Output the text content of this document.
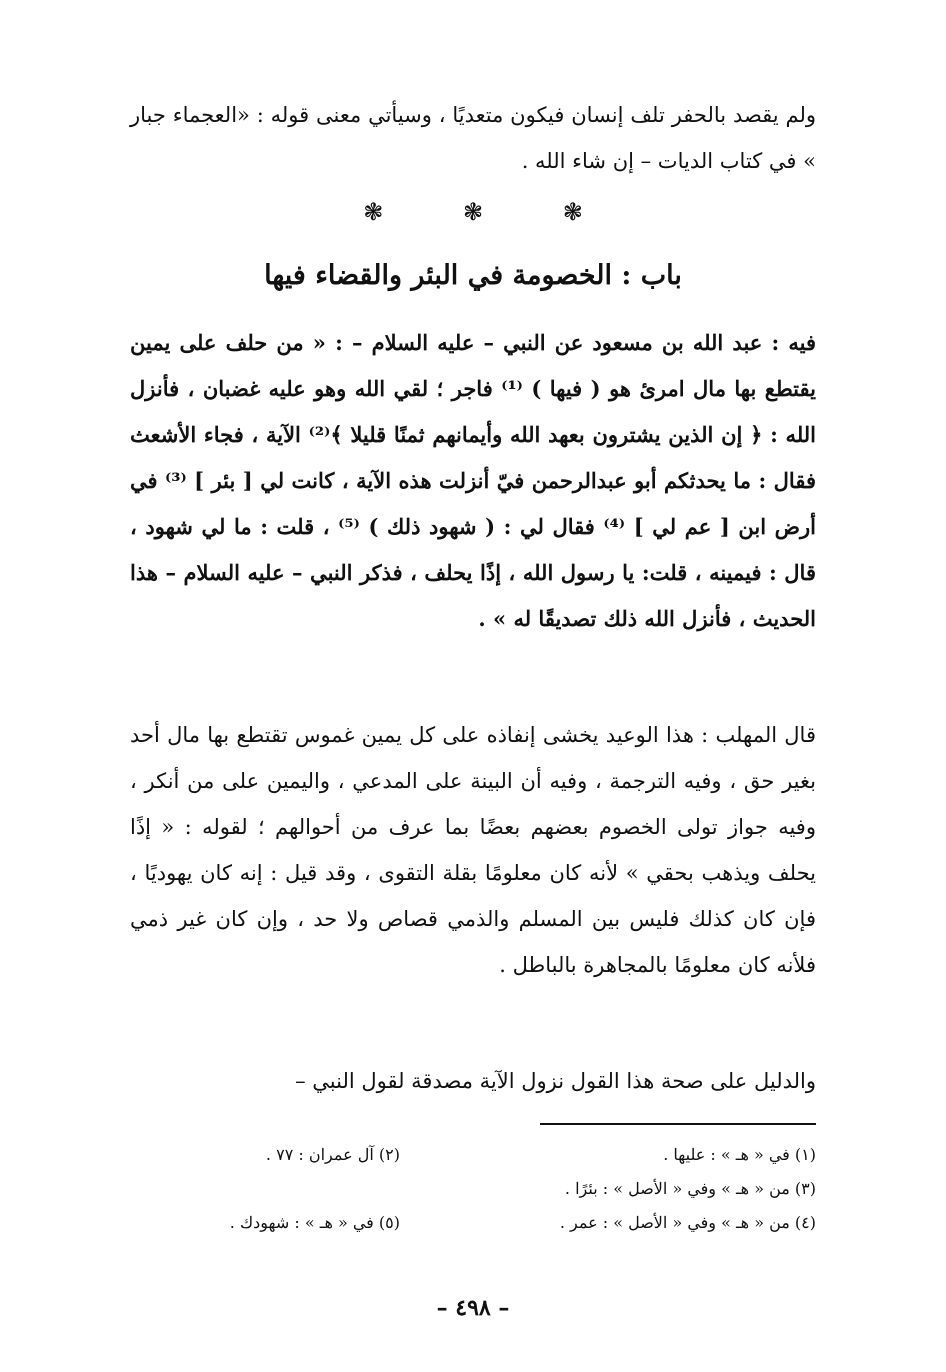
ولم يقصد بالحفر تلف إنسان فيكون متعديًا ، وسيأتي معنى قوله : «العجماء جبار » في كتاب الديات – إن شاء الله .

❃	❃	❃
باب : الخصومة في البئر والقضاء فيها

فيه : عبد الله بن مسعود عن النبي – عليه السلام – : « من حلف على يمين يقتطع بها مال امرئ هو ( فيها ) ⁽¹⁾ فاجر ؛ لقي الله وهو عليه غضبان ، فأنزل الله : ﴿ إن الذين يشترون بعهد الله وأيمانهم ثمنًا قليلا ﴾⁽²⁾ الآية ، فجاء الأشعث فقال : ما يحدثكم أبو عبدالرحمن فيّ أنزلت هذه الآية ، كانت لي [ بئر ] ⁽³⁾ في أرض ابن [ عم لي ] ⁽⁴⁾ فقال لي : ( شهود ذلك ) ⁽⁵⁾ ، قلت : ما لي شهود ، قال : فيمينه ، قلت: يا رسول الله ، إذًا يحلف ، فذكر النبي – عليه السلام – هذا الحديث ، فأنزل الله ذلك تصديقًا له » .

قال المهلب : هذا الوعيد يخشى إنفاذه على كل يمين غموس تقتطع بها مال أحد بغير حق ، وفيه الترجمة ، وفيه أن البينة على المدعي ، واليمين على من أنكر ، وفيه جواز تولى الخصوم بعضهم بعضًا بما عرف من أحوالهم ؛ لقوله : « إذًا يحلف ويذهب بحقي » لأنه كان معلومًا بقلة التقوى ، وقد قيل : إنه كان يهوديًا ، فإن كان كذلك فليس بين المسلم والذمي قصاص ولا حد ، وإن كان غير ذمي فلأنه كان معلومًا بالمجاهرة بالباطل .

والدليل على صحة هذا القول نزول الآية مصدقة لقول النبي –

(١) في « هـ » : عليها .
(٢) آل عمران : ٧٧ .
(٣) من « هـ » وفي « الأصل » : بئرًا .
(٤) من « هـ » وفي « الأصل » : عمر .
(٥) في « هـ » : شهودك .
– ٤٩٨ –
